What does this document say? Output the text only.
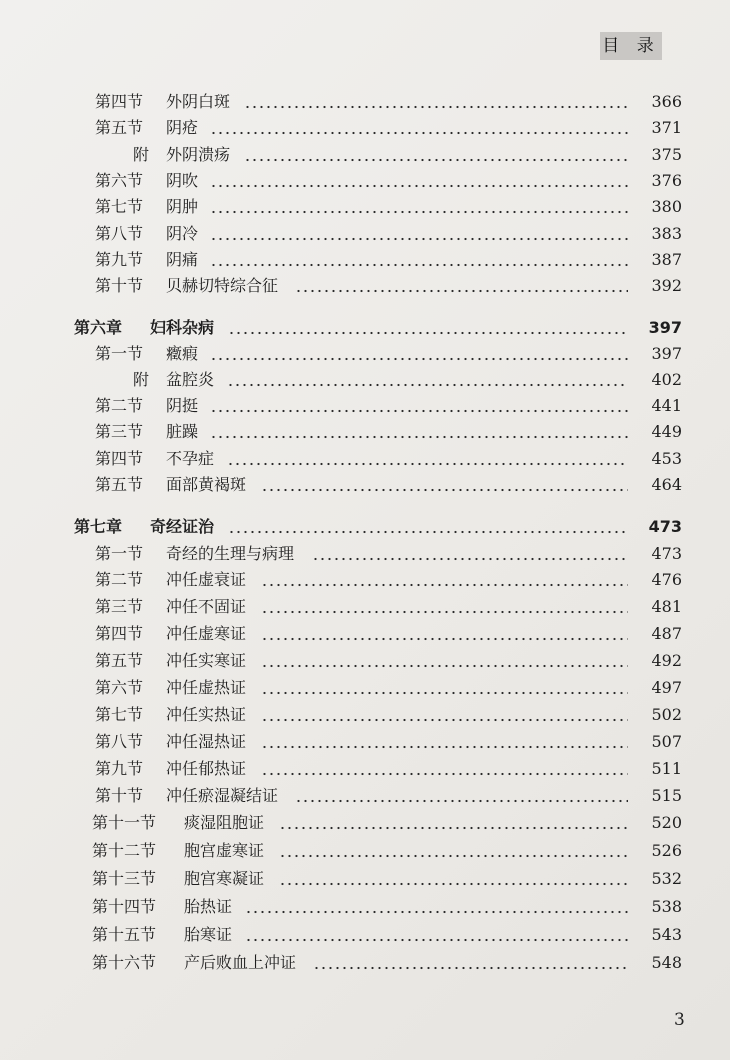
目 录
第四节 外阴白斑	366
第五节 阴疮	371
附 外阴溃疡	375
第六节 阴吹	376
第七节 阴肿	380
第八节 阴冷	383
第九节 阴痛	387
第十节 贝赫切特综合征	392
第六章 妇科杂病	397
第一节 癥瘕	397
附 盆腔炎	402
第二节 阴挺	441
第三节 脏躁	449
第四节 不孕症	453
第五节 面部黄褐斑	464
第七章 奇经证治	473
第一节 奇经的生理与病理	473
第二节 冲任虚衰证	476
第三节 冲任不固证	481
第四节 冲任虚寒证	487
第五节 冲任实寒证	492
第六节 冲任虚热证	497
第七节 冲任实热证	502
第八节 冲任湿热证	507
第九节 冲任郁热证	511
第十节 冲任瘀湿凝结证	515
第十一节 痰湿阻胞证	520
第十二节 胞宫虚寒证	526
第十三节 胞宫寒凝证	532
第十四节 胎热证	538
第十五节 胎寒证	543
第十六节 产后败血上冲证	548
3
